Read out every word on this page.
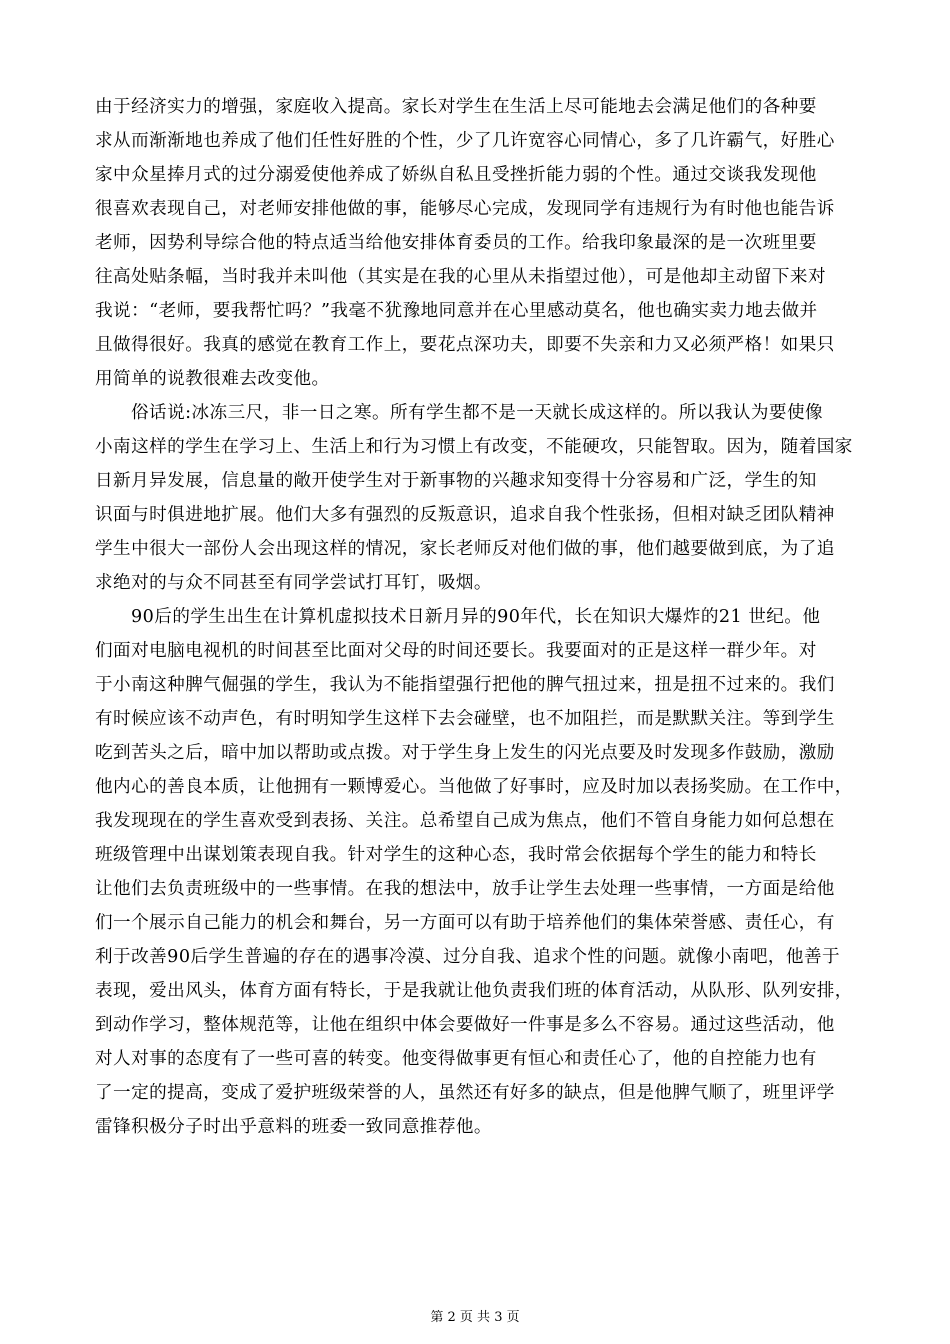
由于经济实力的增强，家庭收入提高。家长对学生在生活上尽可能地去会满足他们的各种要
求从而渐渐地也养成了他们任性好胜的个性，少了几许宽容心同情心，多了几许霸气，好胜心
家中众星捧月式的过分溺爱使他养成了娇纵自私且受挫折能力弱的个性。通过交谈我发现他
很喜欢表现自己，对老师安排他做的事，能够尽心完成，发现同学有违规行为有时他也能告诉
老师，因势利导综合他的特点适当给他安排体育委员的工作。给我印象最深的是一次班里要
往高处贴条幅，当时我并未叫他（其实是在我的心里从未指望过他），可是他却主动留下来对
我说：“老师，要我帮忙吗？”我毫不犹豫地同意并在心里感动莫名，他也确实卖力地去做并
且做得很好。我真的感觉在教育工作上，要花点深功夫，即要不失亲和力又必须严格！如果只
用简单的说教很难去改变他。
俗话说:冰冻三尺，非一日之寒。所有学生都不是一天就长成这样的。所以我认为要使像
小南这样的学生在学习上、生活上和行为习惯上有改变，不能硬攻，只能智取。因为，随着国家
日新月异发展，信息量的敞开使学生对于新事物的兴趣求知变得十分容易和广泛，学生的知
识面与时俱进地扩展。他们大多有强烈的反叛意识，追求自我个性张扬，但相对缺乏团队精神
学生中很大一部份人会出现这样的情况，家长老师反对他们做的事，他们越要做到底，为了追
求绝对的与众不同甚至有同学尝试打耳钉，吸烟。
90后的学生出生在计算机虚拟技术日新月异的90年代，长在知识大爆炸的21 世纪。他
们面对电脑电视机的时间甚至比面对父母的时间还要长。我要面对的正是这样一群少年。对
于小南这种脾气倔强的学生，我认为不能指望强行把他的脾气扭过来，扭是扭不过来的。我们
有时候应该不动声色，有时明知学生这样下去会碰壁，也不加阻拦，而是默默关注。等到学生
吃到苦头之后，暗中加以帮助或点拨。对于学生身上发生的闪光点要及时发现多作鼓励，激励
他内心的善良本质，让他拥有一颗博爱心。当他做了好事时，应及时加以表扬奖励。在工作中，
我发现现在的学生喜欢受到表扬、关注。总希望自己成为焦点，他们不管自身能力如何总想在
班级管理中出谋划策表现自我。针对学生的这种心态，我时常会依据每个学生的能力和特长
让他们去负责班级中的一些事情。在我的想法中，放手让学生去处理一些事情，一方面是给他
们一个展示自己能力的机会和舞台，另一方面可以有助于培养他们的集体荣誉感、责任心，有
利于改善90后学生普遍的存在的遇事冷漠、过分自我、追求个性的问题。就像小南吧，他善于
表现，爱出风头，体育方面有特长，于是我就让他负责我们班的体育活动，从队形、队列安排，
到动作学习，整体规范等，让他在组织中体会要做好一件事是多么不容易。通过这些活动，他
对人对事的态度有了一些可喜的转变。他变得做事更有恒心和责任心了，他的自控能力也有
了一定的提高，变成了爱护班级荣誉的人，虽然还有好多的缺点，但是他脾气顺了，班里评学
雷锋积极分子时出乎意料的班委一致同意推荐他。
第 2 页 共 3 页
